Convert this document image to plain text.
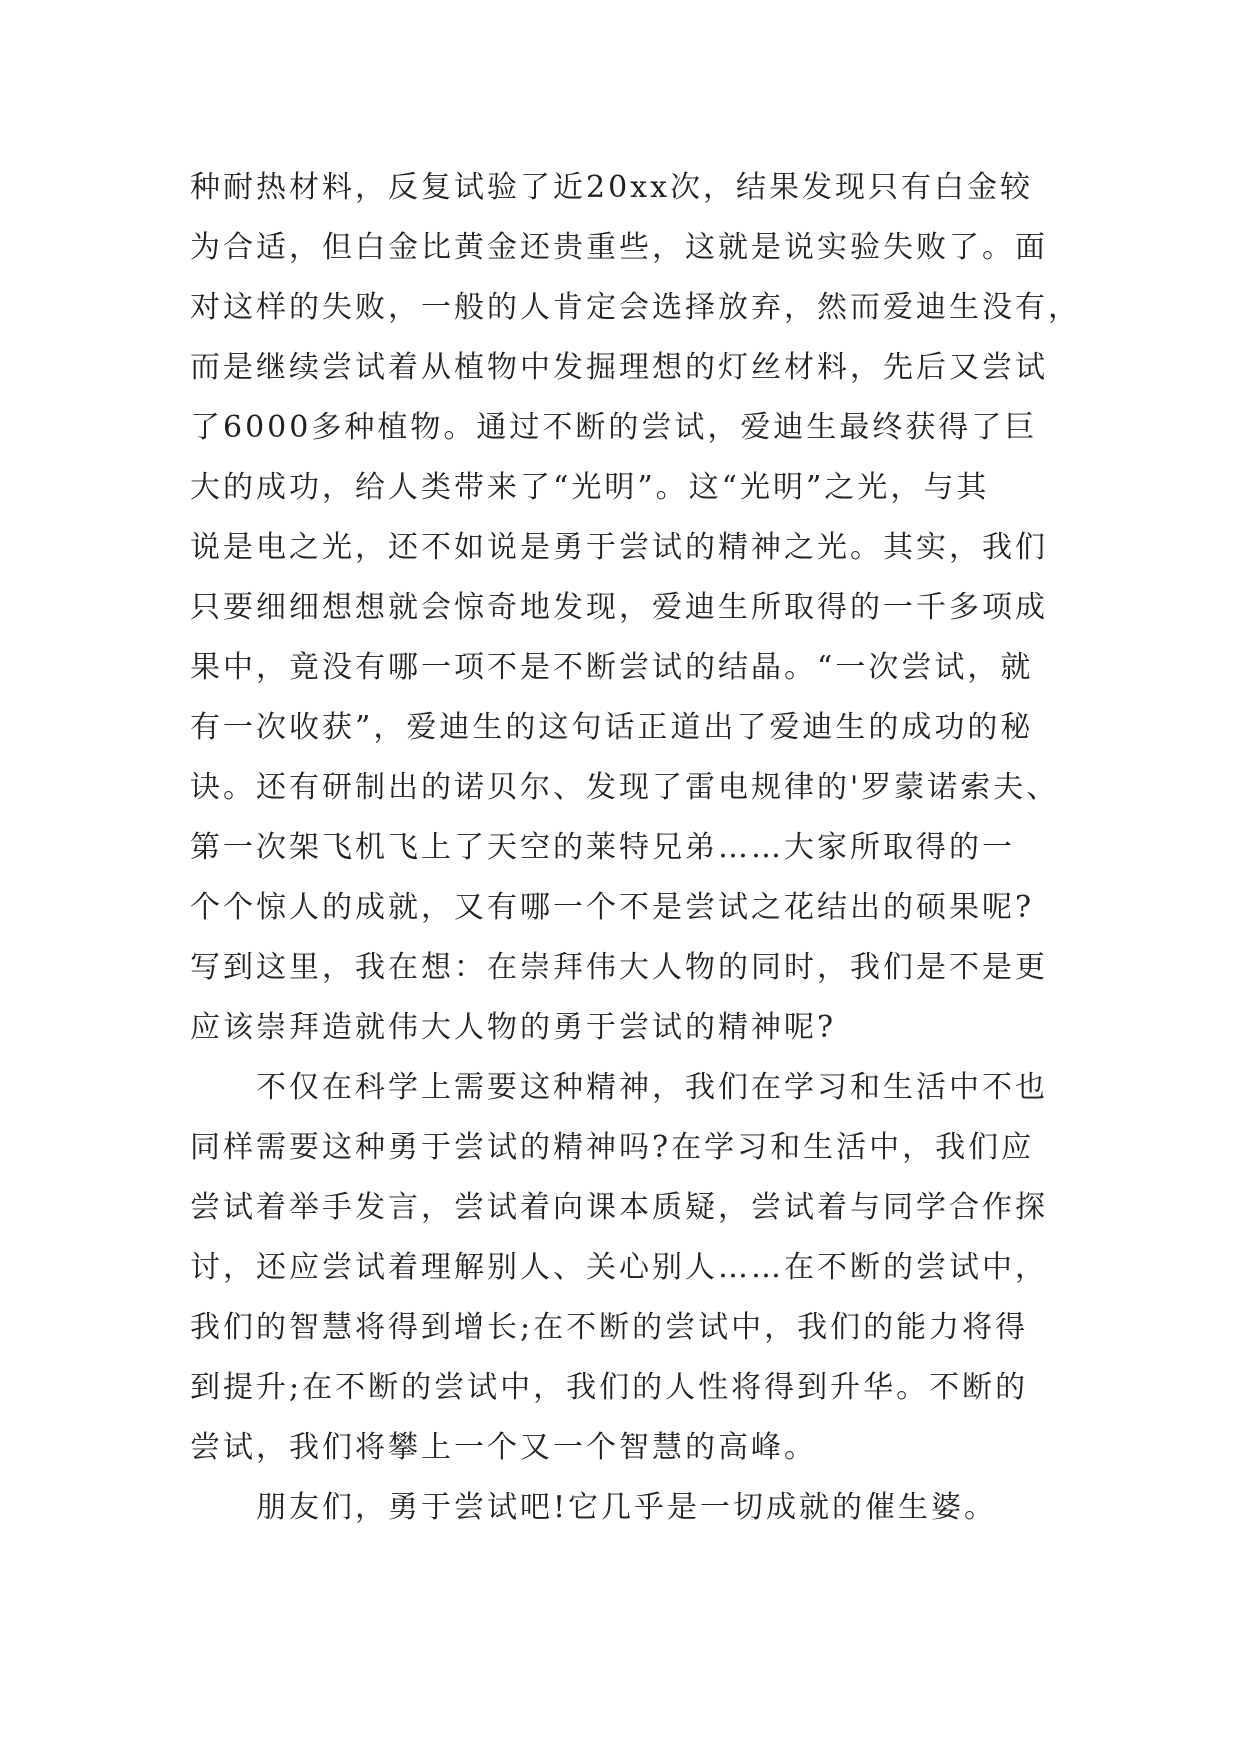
种耐热材料，反复试验了近20xx次，结果发现只有白金较
为合适，但白金比黄金还贵重些，这就是说实验失败了。面
对这样的失败，一般的人肯定会选择放弃，然而爱迪生没有，
而是继续尝试着从植物中发掘理想的灯丝材料，先后又尝试
了6000多种植物。通过不断的尝试，爱迪生最终获得了巨
大的成功，给人类带来了“光明”。这“光明”之光，与其
说是电之光，还不如说是勇于尝试的精神之光。其实，我们
只要细细想想就会惊奇地发现，爱迪生所取得的一千多项成
果中，竟没有哪一项不是不断尝试的结晶。“一次尝试，就
有一次收获”，爱迪生的这句话正道出了爱迪生的成功的秘
诀。还有研制出的诺贝尔、发现了雷电规律的'罗蒙诺索夫、
第一次架飞机飞上了天空的莱特兄弟……大家所取得的一
个个惊人的成就，又有哪一个不是尝试之花结出的硕果呢?
写到这里，我在想：在崇拜伟大人物的同时，我们是不是更
应该崇拜造就伟大人物的勇于尝试的精神呢?
不仅在科学上需要这种精神，我们在学习和生活中不也
同样需要这种勇于尝试的精神吗?在学习和生活中，我们应
尝试着举手发言，尝试着向课本质疑，尝试着与同学合作探
讨，还应尝试着理解别人、关心别人……在不断的尝试中，
我们的智慧将得到增长;在不断的尝试中，我们的能力将得
到提升;在不断的尝试中，我们的人性将得到升华。不断的
尝试，我们将攀上一个又一个智慧的高峰。
朋友们，勇于尝试吧!它几乎是一切成就的催生婆。
